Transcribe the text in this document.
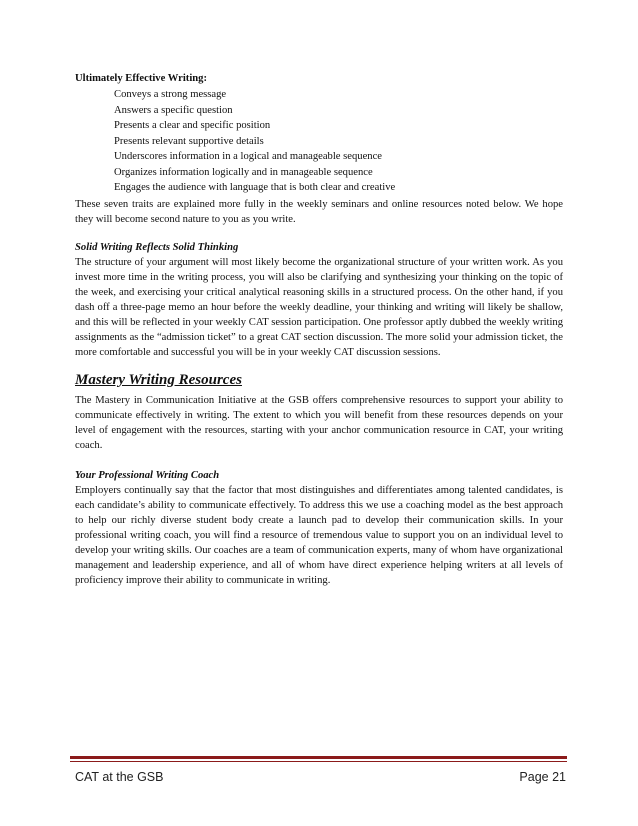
Ultimately Effective Writing:

Conveys a strong message
Answers a specific question
Presents a clear and specific position
Presents relevant supportive details
Underscores information in a logical and manageable sequence
Organizes information logically and in manageable sequence
Engages the audience with language that is both clear and creative

These seven traits are explained more fully in the weekly seminars and online resources noted below. We hope they will become second nature to you as you write.

Solid Writing Reflects Solid Thinking

The structure of your argument will most likely become the organizational structure of your written work. As you invest more time in the writing process, you will also be clarifying and synthesizing your thinking on the topic of the week, and exercising your critical analytical reasoning skills in a structured process. On the other hand, if you dash off a three-page memo an hour before the weekly deadline, your thinking and writing will likely be shallow, and this will be reflected in your weekly CAT session participation. One professor aptly dubbed the weekly writing assignments as the “admission ticket” to a great CAT section discussion. The more solid your admission ticket, the more comfortable and successful you will be in your weekly CAT discussion sessions.

Mastery Writing Resources

The Mastery in Communication Initiative at the GSB offers comprehensive resources to support your ability to communicate effectively in writing. The extent to which you will benefit from these resources depends on your level of engagement with the resources, starting with your anchor communication resource in CAT, your writing coach.

Your Professional Writing Coach

Employers continually say that the factor that most distinguishes and differentiates among talented candidates, is each candidate’s ability to communicate effectively. To address this we use a coaching model as the best approach to help our richly diverse student body create a launch pad to develop their communication skills. In your professional writing coach, you will find a resource of tremendous value to support you on an individual level to develop your writing skills. Our coaches are a team of communication experts, many of whom have organizational management and leadership experience, and all of whom have direct experience helping writers at all levels of proficiency improve their ability to communicate in writing.

CAT at the GSB	Page 21
